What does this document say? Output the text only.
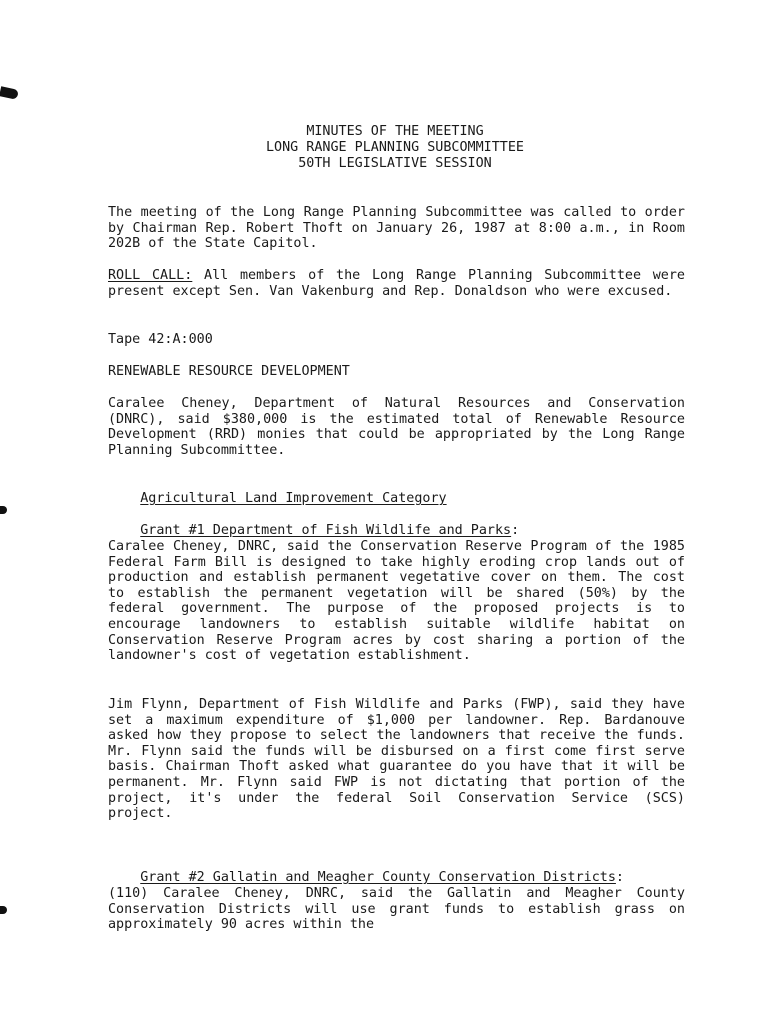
MINUTES OF THE MEETING
LONG RANGE PLANNING SUBCOMMITTEE
50TH LEGISLATIVE SESSION
The meeting of the Long Range Planning Subcommittee was called to order by Chairman Rep. Robert Thoft on January 26, 1987 at 8:00 a.m., in Room 202B of the State Capitol.
ROLL CALL: All members of the Long Range Planning Subcommittee were present except Sen. Van Vakenburg and Rep. Donaldson who were excused.
Tape 42:A:000
RENEWABLE RESOURCE DEVELOPMENT
Caralee Cheney, Department of Natural Resources and Conservation (DNRC), said $380,000 is the estimated total of Renewable Resource Development (RRD) monies that could be appropriated by the Long Range Planning Subcommittee.

Agricultural Land Improvement Category

Grant #1 Department of Fish Wildlife and Parks:

Caralee Cheney, DNRC, said the Conservation Reserve Program of the 1985 Federal Farm Bill is designed to take highly eroding crop lands out of production and establish permanent vegetative cover on them. The cost to establish the permanent vegetation will be shared (50%) by the federal government. The purpose of the proposed projects is to encourage landowners to establish suitable wildlife habitat on Conservation Reserve Program acres by cost sharing a portion of the landowner's cost of vegetation establishment.
Jim Flynn, Department of Fish Wildlife and Parks (FWP), said they have set a maximum expenditure of $1,000 per landowner. Rep. Bardanouve asked how they propose to select the landowners that receive the funds. Mr. Flynn said the funds will be disbursed on a first come first serve basis. Chairman Thoft asked what guarantee do you have that it will be permanent. Mr. Flynn said FWP is not dictating that portion of the project, it's under the federal Soil Conservation Service (SCS) project.

Grant #2 Gallatin and Meagher County Conservation Districts:

(110) Caralee Cheney, DNRC, said the Gallatin and Meagher County Conservation Districts will use grant funds to establish grass on approximately 90 acres within the
